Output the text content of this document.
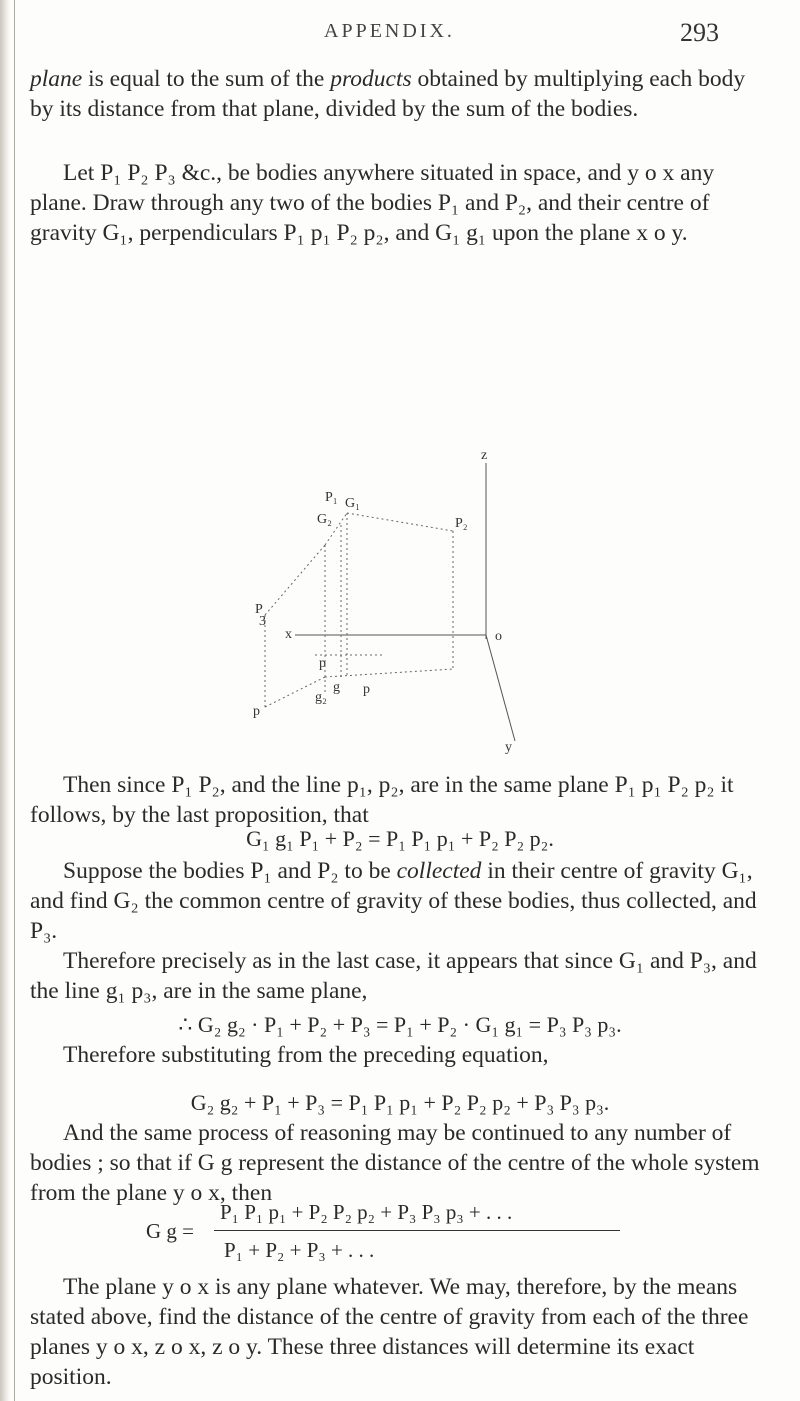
APPENDIX.	293
plane is equal to the sum of the products obtained by multiplying each body by its distance from that plane, divided by the sum of the bodies.
Let P₁ P₂ P₃ &c., be bodies anywhere situated in space, and y o x any plane. Draw through any two of the bodies P₁ and P₂, and their centre of gravity G₁, perpendiculars P₁ p₁ P₂ p₂, and G₁ g₁ upon the plane x o y.
z
P₁ G₁
G₂	P₂
P
3
x	o
p
g p
g₂
p
y
Then since P₁ P₂, and the line p₁, p₂, are in the same plane P₁ p₁ P₂ p₂ it follows, by the last proposition, that
G₁ g₁ P₁ + P₂ = P₁ P₁ p₁ + P₂ P₂ p₂.
Suppose the bodies P₁ and P₂ to be collected in their centre of gravity G₁, and find G₂ the common centre of gravity of these bodies, thus collected, and P₃.
Therefore precisely as in the last case, it appears that since G₁ and P₃, and the line g₁ p₃, are in the same plane,
∴ G₂ g₂ · P₁ + P₂ + P₃ = P₁ + P₂ · G₁ g₁ = P₃ P₃ p₃.
Therefore substituting from the preceding equation,
G₂ g₂ + P₁ + P₃ = P₁ P₁ p₁ + P₂ P₂ p₂ + P₃ P₃ p₃.
And the same process of reasoning may be continued to any number of bodies ; so that if G g represent the distance of the centre of the whole system from the plane y o x, then
G g =
P₁ P₁ p₁ + P₂ P₂ p₂ + P₃ P₃ p₃ + . . .
P₁ + P₂ + P₃ + . . .
The plane y o x is any plane whatever. We may, therefore, by the means stated above, find the distance of the centre of gravity from each of the three planes y o x, z o x, z o y. These three distances will determine its exact position.
